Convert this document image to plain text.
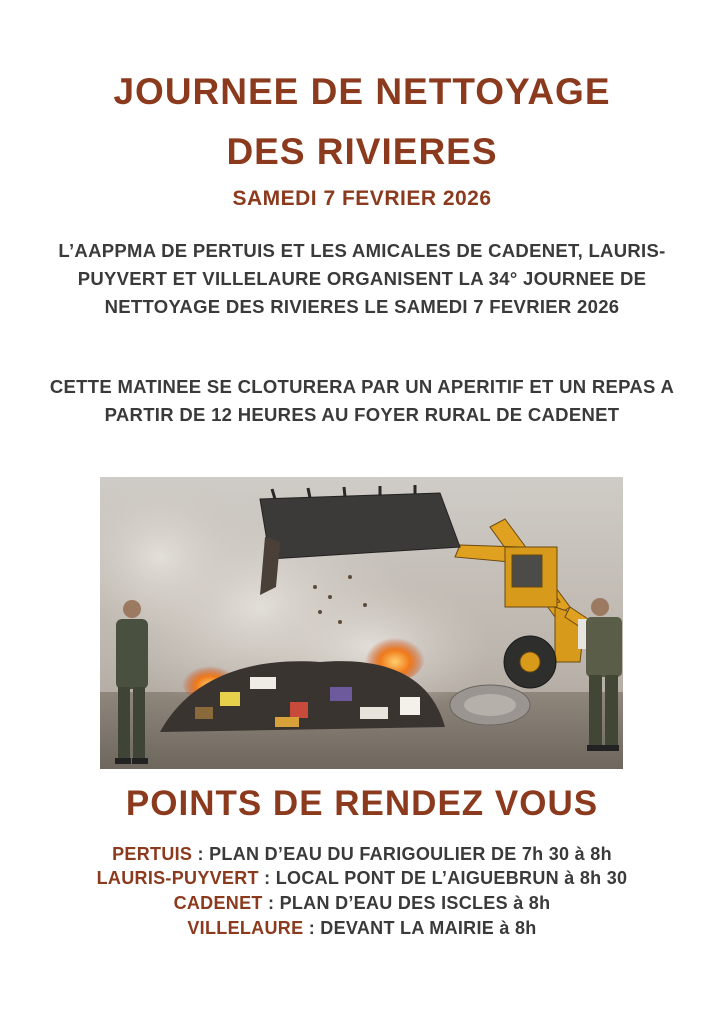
JOURNEE DE NETTOYAGE
DES RIVIERES
SAMEDI 7 FEVRIER 2026

L’AAPPMA DE PERTUIS ET LES AMICALES DE CADENET, LAURIS-PUYVERT ET VILLELAURE ORGANISENT LA 34° JOURNEE DE NETTOYAGE DES RIVIERES LE SAMEDI 7 FEVRIER 2026

CETTE MATINEE SE CLOTURERA PAR UN APERITIF ET UN REPAS A PARTIR DE 12 HEURES AU FOYER RURAL DE CADENET

POINTS DE RENDEZ VOUS

PERTUIS : PLAN D’EAU DU FARIGOULIER DE 7h 30 à 8h

LAURIS-PUYVERT : LOCAL PONT DE L’AIGUEBRUN à 8h 30

CADENET : PLAN D’EAU DES ISCLES à 8h

VILLELAURE : DEVANT LA MAIRIE à 8h
